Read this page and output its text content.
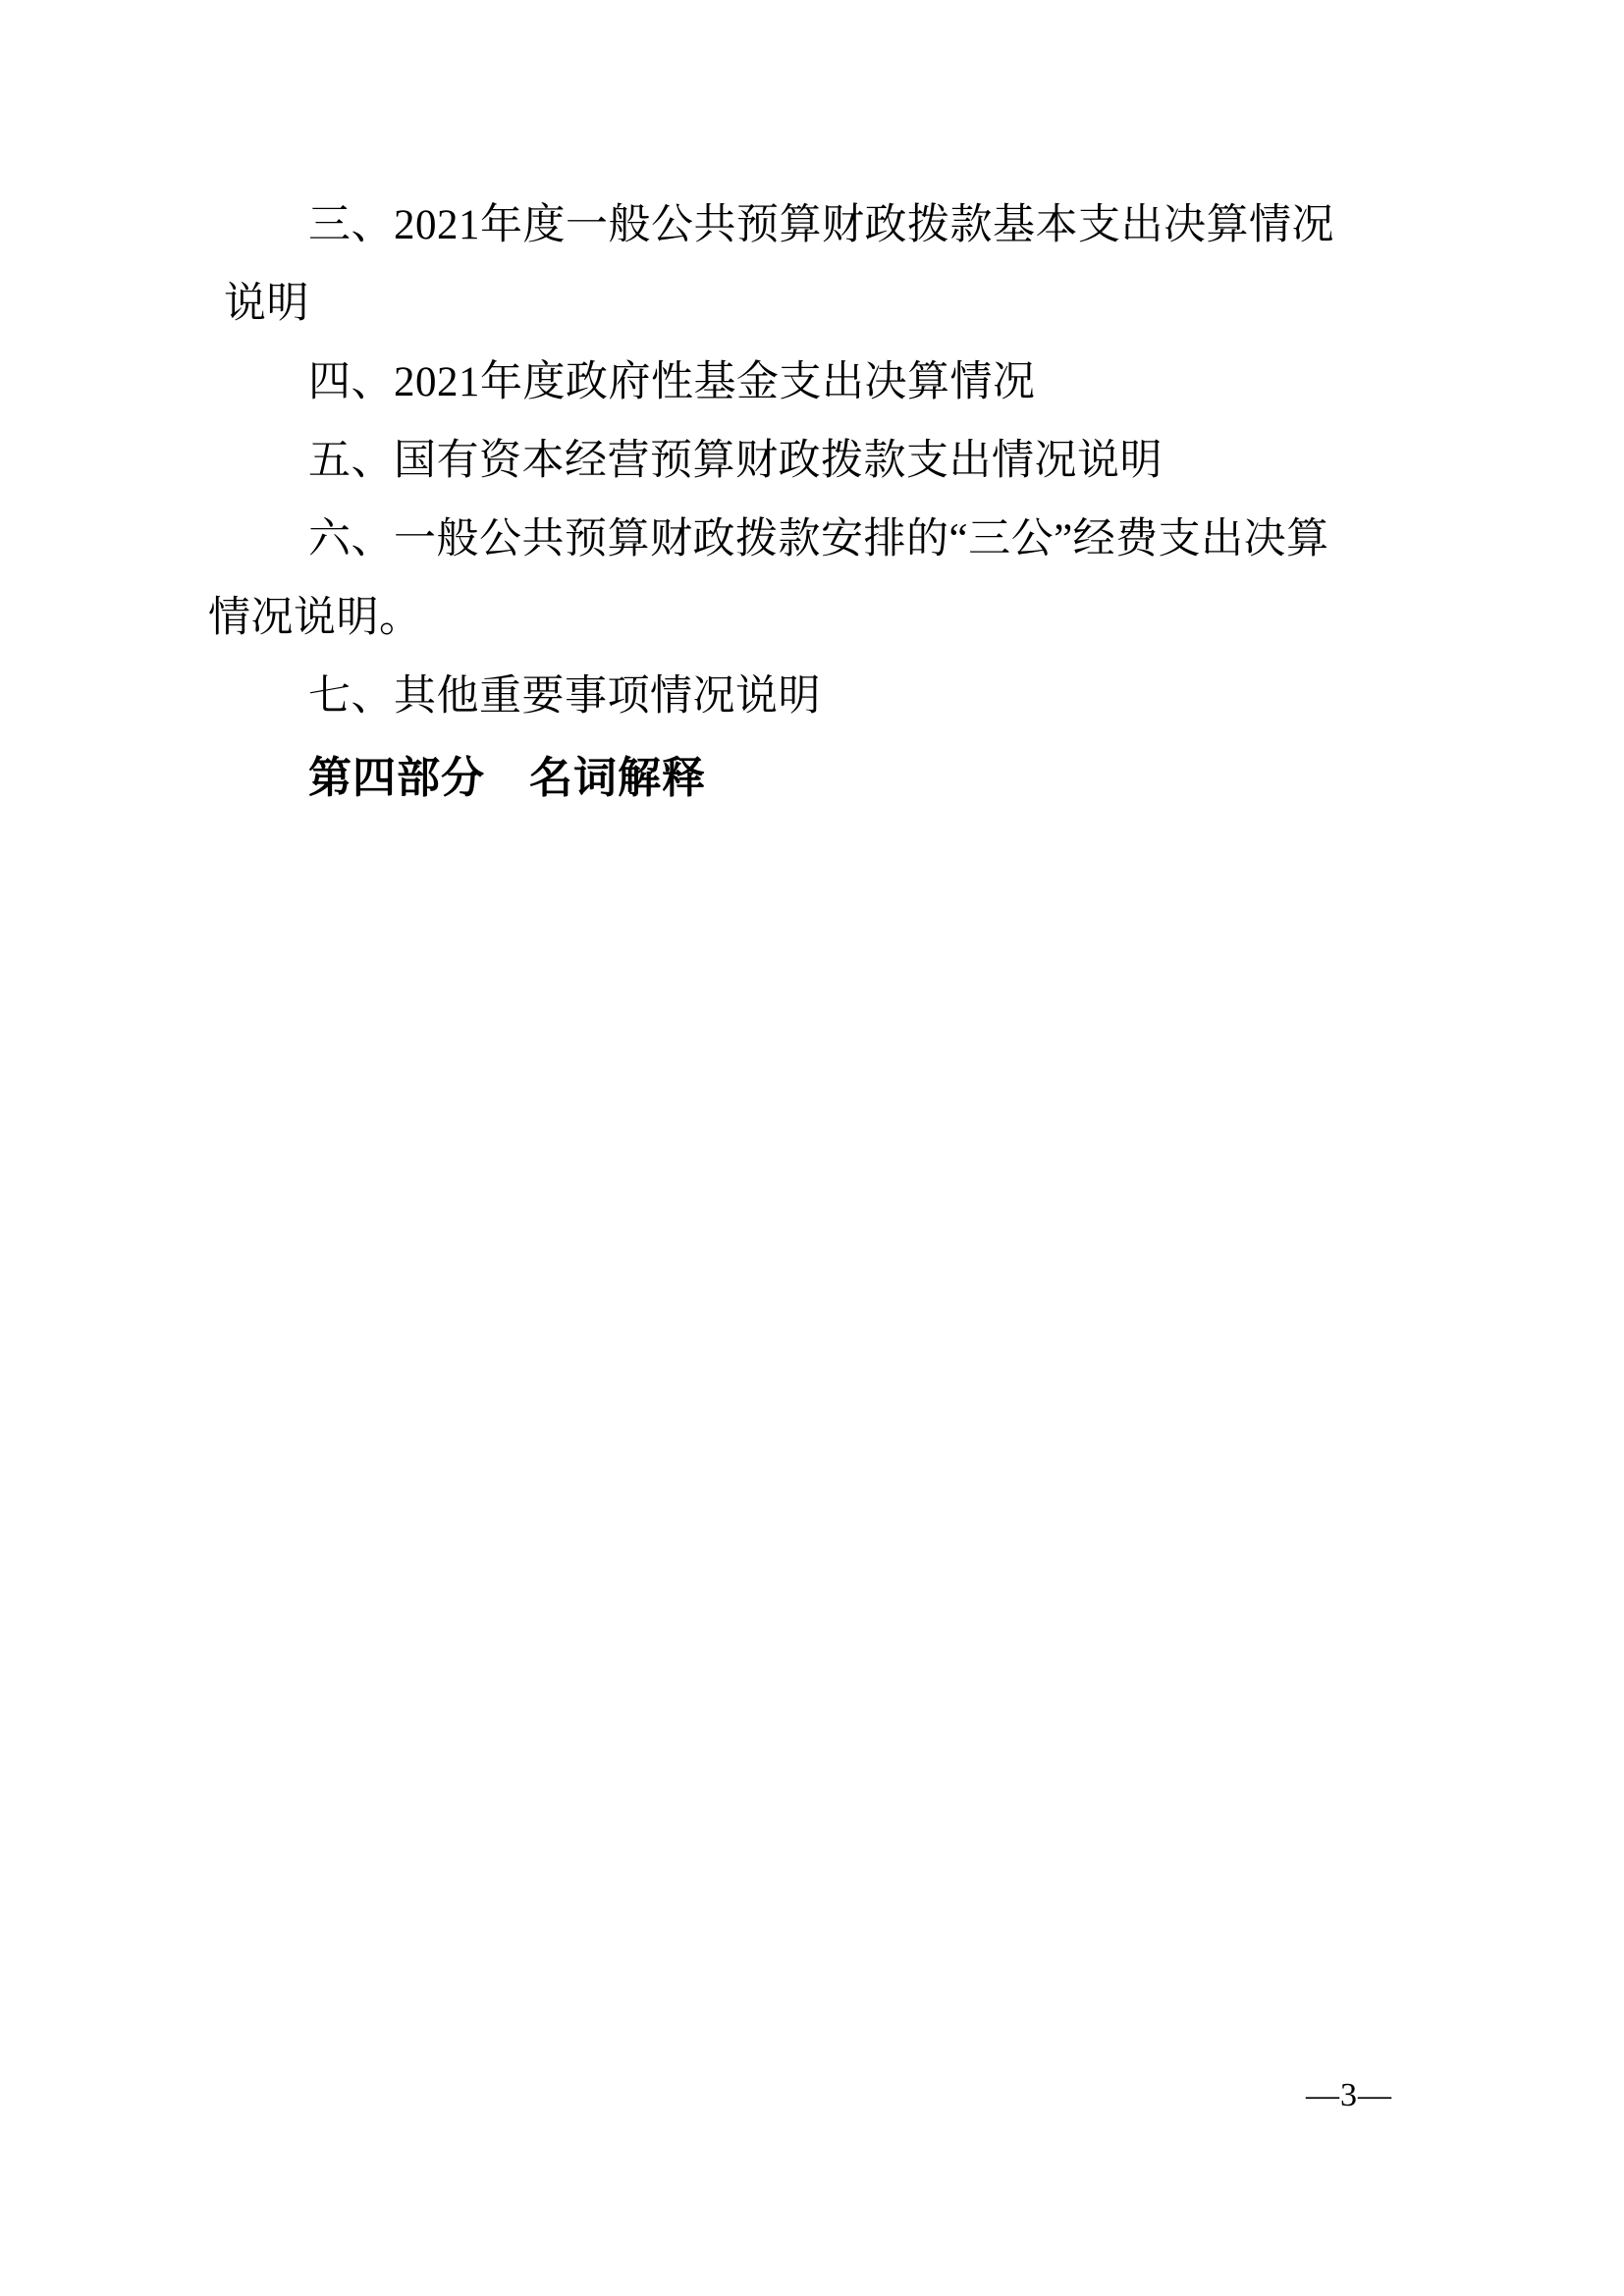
三、2021年度一般公共预算财政拨款基本支出决算情况
说明
四、2021年度政府性基金支出决算情况
五、国有资本经营预算财政拨款支出情况说明
六、一般公共预算财政拨款安排的“三公”经费支出决算
情况说明。
七、其他重要事项情况说明
第四部分　名词解释
—3—
